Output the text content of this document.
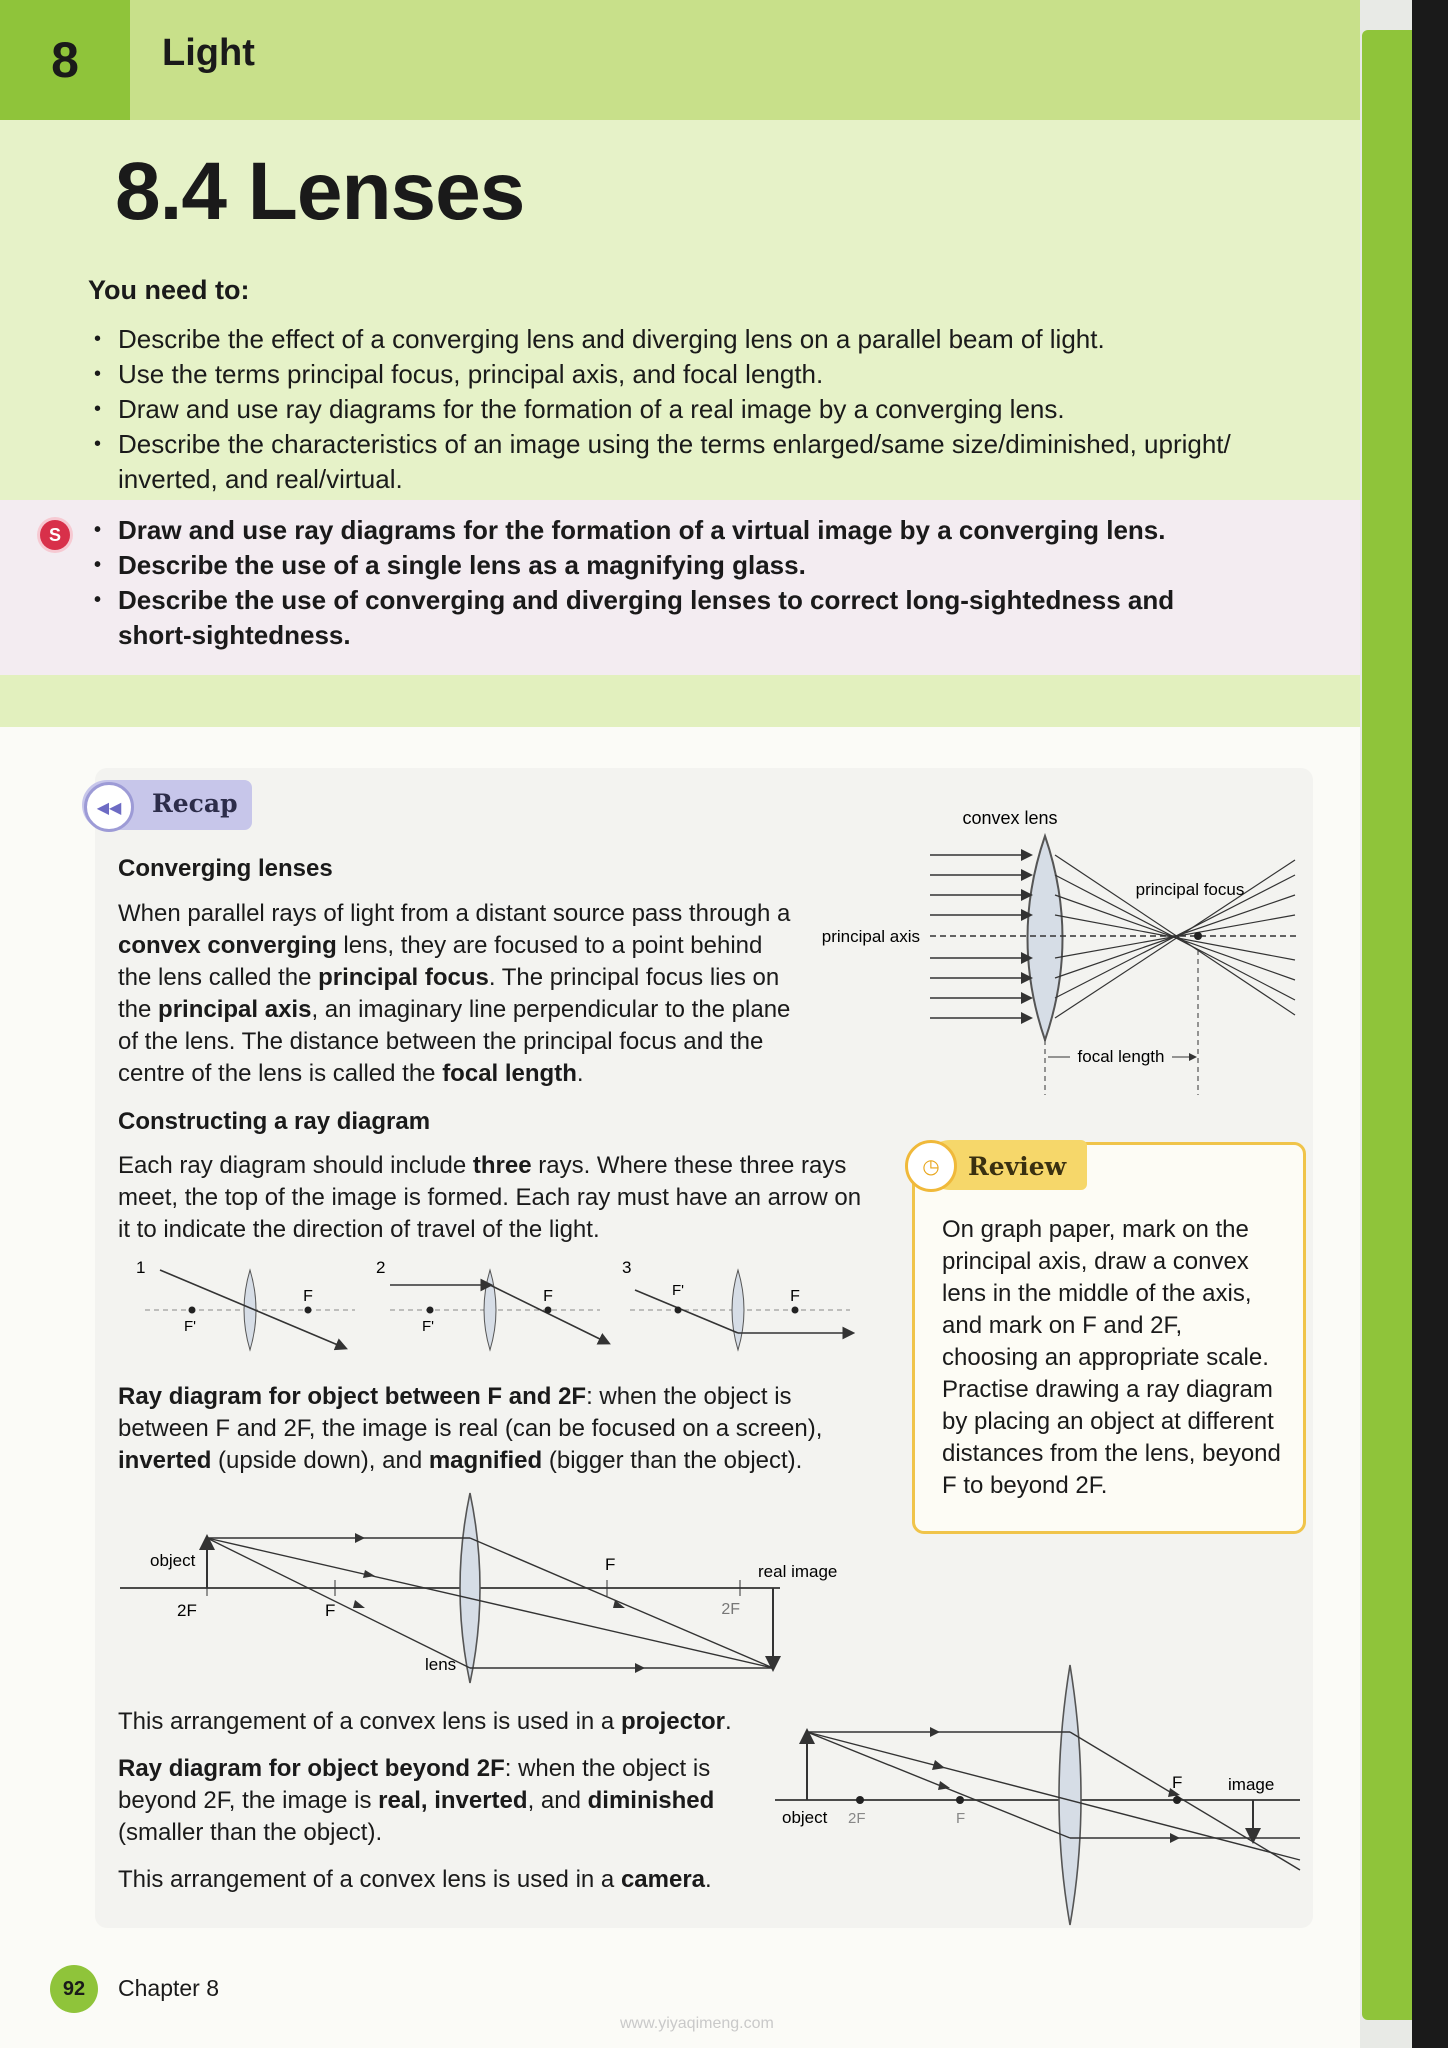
8	Light
8.4 Lenses
You need to:
• Describe the effect of a converging lens and diverging lens on a parallel beam of light.
• Use the terms principal focus, principal axis, and focal length.
• Draw and use ray diagrams for the formation of a real image by a converging lens.
• Describe the characteristics of an image using the terms enlarged/same size/diminished, upright/ inverted, and real/virtual.
S
•	Draw and use ray diagrams for the formation of a virtual image by a converging lens.
• Describe the use of a single lens as a magnifying glass.
• Describe the use of converging and diverging lenses to correct long-sightedness and short-sightedness.
◀◀	Recap
Converging lenses
When parallel rays of light from a distant source pass through a convex converging lens, they are focused to a point behind the lens called the principal focus. The principal focus lies on the principal axis, an imaginary line perpendicular to the plane of the lens. The distance between the principal focus and the centre of the lens is called the focal length.
Constructing a ray diagram
Each ray diagram should include three rays. Where these three rays meet, the top of the image is formed. Each ray must have an arrow on it to indicate the direction of travel of the light.
Ray diagram for object between F and 2F: when the object is between F and 2F, the image is real (can be focused on a screen), inverted (upside down), and magnified (bigger than the object).
This arrangement of a convex lens is used in a projector.
Ray diagram for object beyond 2F: when the object is beyond 2F, the image is real, inverted, and diminished (smaller than the object).
This arrangement of a convex lens is used in a camera.
convex lens
principal focus
principal axis
focal length
1
F
F'
2
F
F'
3
F'	F
object
2F	F
F
2F
real image
lens
object 2F	F
F	image
◷	Review
On graph paper, mark on the principal axis, draw a convex lens in the middle of the axis, and mark on F and 2F, choosing an appropriate scale. Practise drawing a ray diagram by placing an object at different distances from the lens, beyond F to beyond 2F.
92	Chapter 8
www.yiyaqimeng.com
